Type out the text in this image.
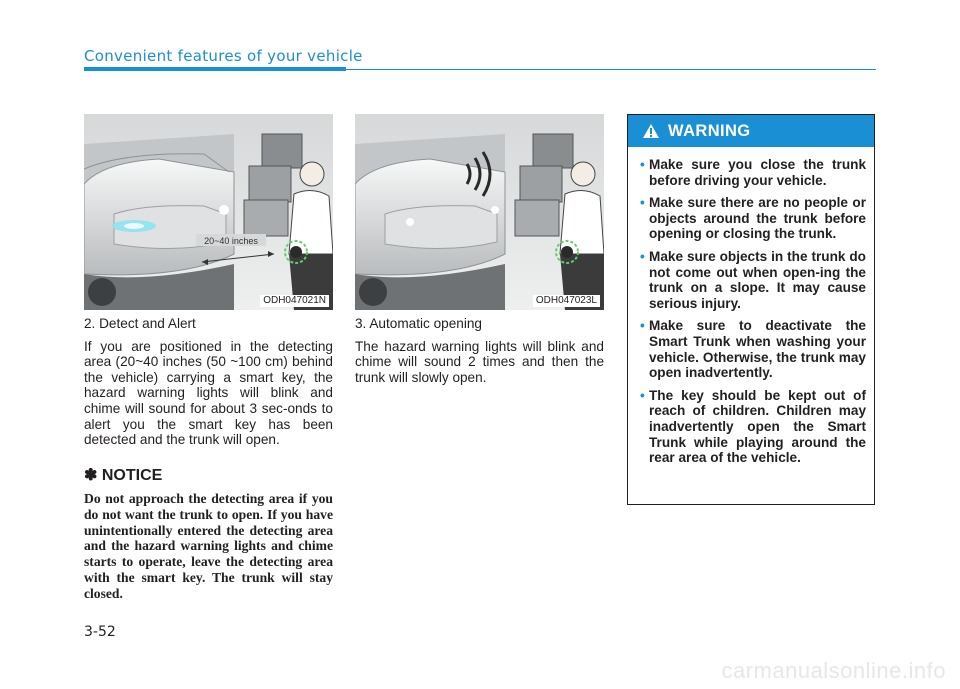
Convenient features of your vehicle
20~40 inches
ODH047021N	ODH047023L

2. Detect and Alert

If you are positioned in the detecting area (20~40 inches (50 ~100 cm) behind the vehicle) carrying a smart key, the hazard warning lights will blink and chime will sound for about 3 sec-onds to alert you the smart key has been detected and the trunk will open.

✽ NOTICE
Do not approach the detecting area if you do not want the trunk to open. If you have unintentionally entered the detecting area and the hazard warning lights and chime starts to operate, leave the detecting area with the smart key. The trunk will stay closed.

3. Automatic opening

The hazard warning lights will blink and chime will sound 2 times and then the trunk will slowly open.

WARNING
• Make sure you close the trunk before driving your vehicle.
• Make sure there are no people or objects around the trunk before opening or closing the trunk.
• Make sure objects in the trunk do not come out when open-ing the trunk on a slope. It may cause serious injury.
• Make sure to deactivate the Smart Trunk when washing your vehicle. Otherwise, the trunk may open inadvertently.
• The key should be kept out of reach of children. Children may inadvertently open the Smart Trunk while playing around the rear area of the vehicle.
3-52
carmanualsonline.info
